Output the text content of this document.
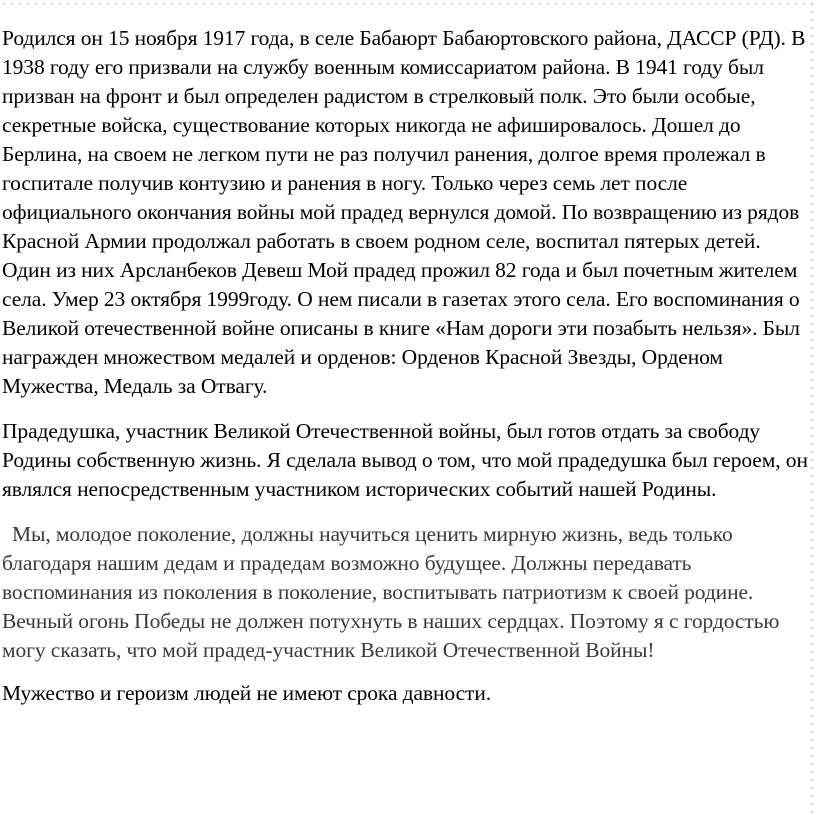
Родился он 15 ноября 1917 года, в селе Бабаюрт Бабаюртовского района, ДАССР (РД). В 1938 году его призвали на службу военным комиссариатом района. В 1941 году был призван на фронт и был определен радистом в стрелковый полк. Это были особые, секретные войска, существование которых никогда не афишировалось. Дошел до Берлина, на своем не легком пути не раз получил ранения, долгое время пролежал в госпитале получив контузию и ранения в ногу. Только через семь лет после официального окончания войны мой прадед вернулся домой. По возвращению из рядов Красной Армии продолжал работать в своем родном селе, воспитал пятерых детей. Один из них Арсланбеков Девеш Мой прадед прожил 82 года и был почетным жителем села. Умер 23 октября 1999году. О нем писали в газетах этого села. Его воспоминания о Великой отечественной войне описаны в книге «Нам дороги эти позабыть нельзя». Был награжден множеством медалей и орденов: Орденов Красной Звезды, Орденом Мужества, Медаль за Отвагу.

Прадедушка, участник Великой Отечественной войны, был готов отдать за свободу Родины собственную жизнь. Я сделала вывод о том, что мой прадедушка был героем, он являлся непосредственным участником исторических событий нашей Родины.

Мы, молодое поколение, должны научиться ценить мирную жизнь, ведь только благодаря нашим дедам и прадедам возможно будущее. Должны передавать воспоминания из поколения в поколение, воспитывать патриотизм к своей родине. Вечный огонь Победы не должен потухнуть в наших сердцах. Поэтому я с гордостью могу сказать, что мой прадед-участник Великой Отечественной Войны!

Мужество и героизм людей не имеют срока давности.
